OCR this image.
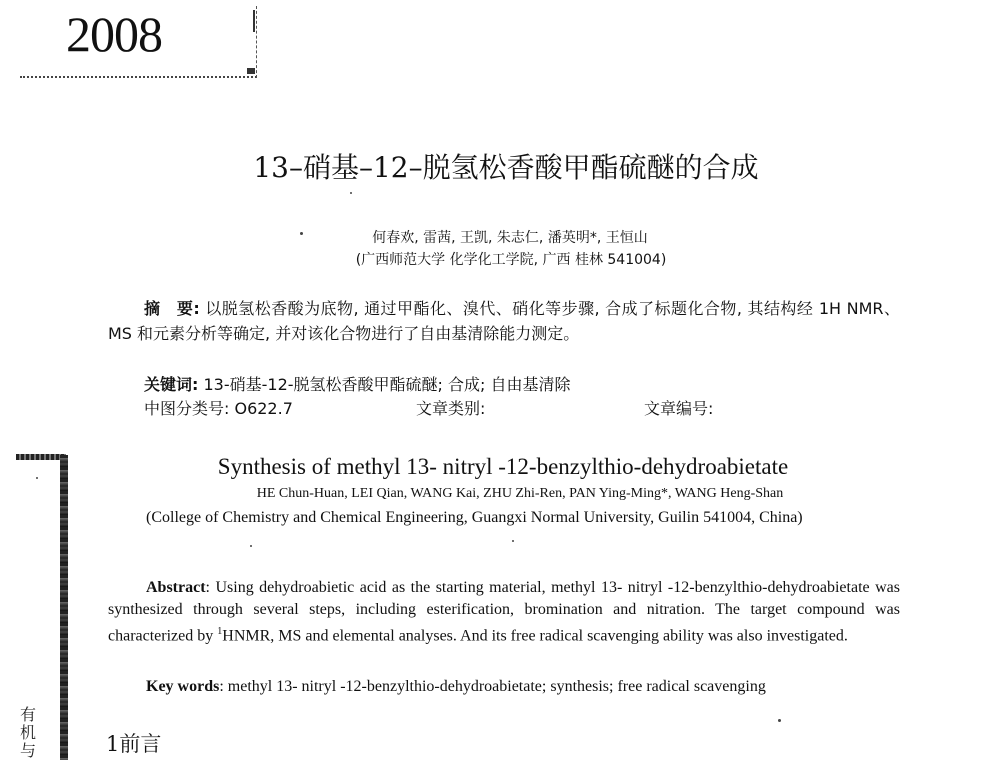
2008
13–硝基–12–脱氢松香酸甲酯硫醚的合成
何春欢, 雷茜, 王凯, 朱志仁, 潘英明*, 王恒山
(广西师范大学 化学化工学院, 广西 桂林 541004)
摘　要: 以脱氢松香酸为底物, 通过甲酯化、溴代、硝化等步骤, 合成了标题化合物, 其结构经 1H NMR、MS 和元素分析等确定, 并对该化合物进行了自由基清除能力测定。
关键词: 13-硝基-12-脱氢松香酸甲酯硫醚; 合成; 自由基清除
中图分类号: O622.7	文章类别:	文章编号:
Synthesis of methyl 13- nitryl -12-benzylthio-dehydroabietate
HE Chun-Huan, LEI Qian, WANG Kai, ZHU Zhi-Ren, PAN Ying-Ming*, WANG Heng-Shan
(College of Chemistry and Chemical Engineering, Guangxi Normal University, Guilin 541004, China)
Abstract: Using dehydroabietic acid as the starting material, methyl 13- nitryl -12-benzylthio-dehydroabietate was synthesized through several steps, including esterification, bromination and nitration. The target compound was characterized by $^1$HNMR, MS and elemental analyses. And its free radical scavenging ability was also investigated.
Key words: methyl 13- nitryl -12-benzylthio-dehydroabietate; synthesis; free radical scavenging
1前言
有机与
